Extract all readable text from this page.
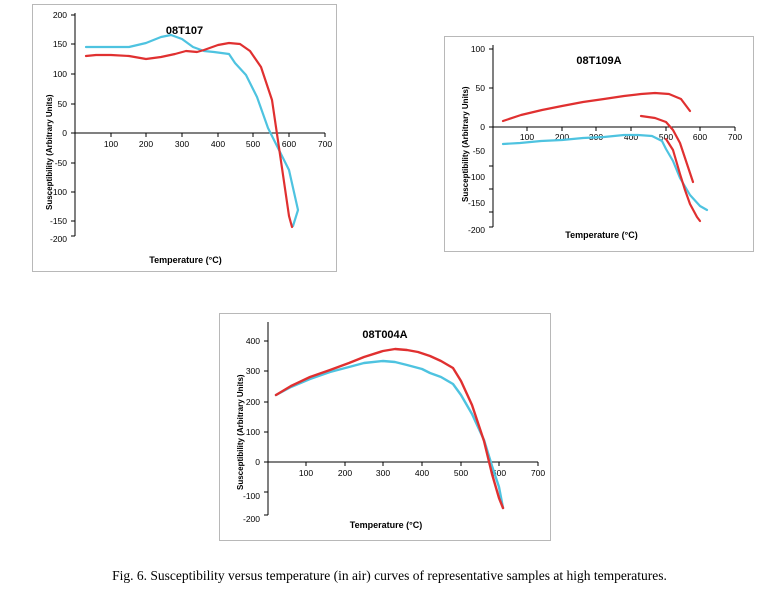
08T107
200
150
100
50
0
-50
-100
-150
-200
100 200	300	400 500	600	700
Temperature (°C)
Susceptibility (Arbitrary Units)
08T109A
100
50
0
-50
-100
-150
-200
100 200 300 400 500 600 700
Temperature (°C)
Susceptibility (Arbitrary Units)
08T004A
400
300
200
100
0
-100
-200
100	200	300	400	500	600	700
Temperature (°C)
Susceptibility (Arbitrary Units)
Fig. 6. Susceptibility versus temperature (in air) curves of representative samples at high temperatures.
